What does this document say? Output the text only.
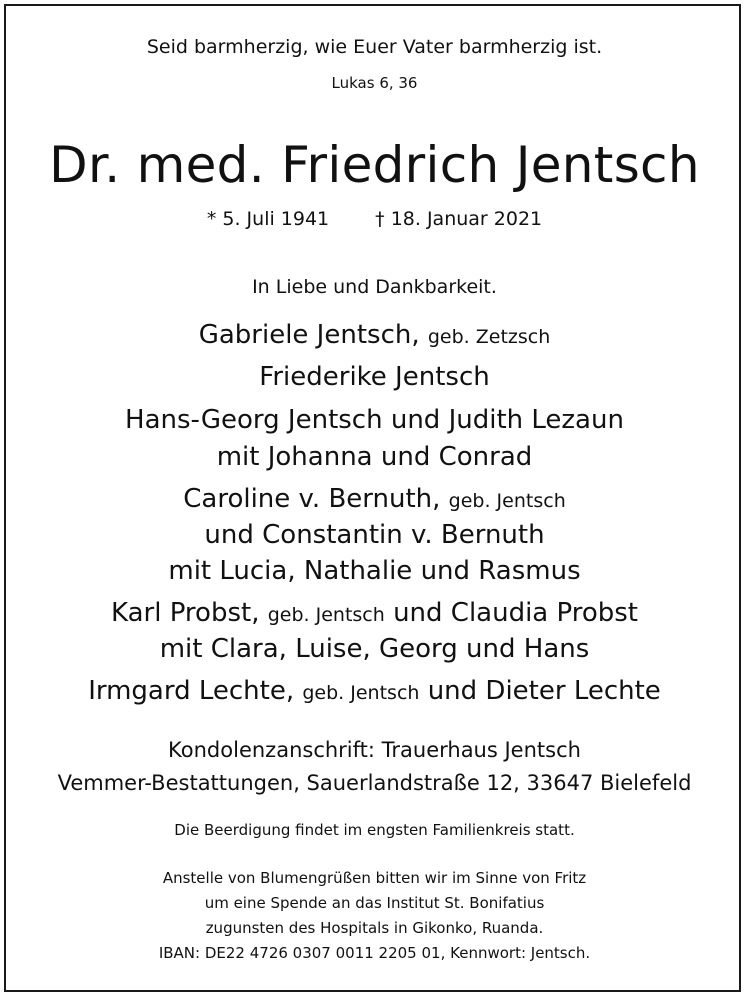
Seid barmherzig, wie Euer Vater barmherzig ist.
Lukas 6, 36
Dr. med. Friedrich Jentsch
* 5. Juli 1941 † 18. Januar 2021
In Liebe und Dankbarkeit.
Gabriele Jentsch, geb. Zetzsch
Friederike Jentsch
Hans-Georg Jentsch und Judith Lezaun
mit Johanna und Conrad
Caroline v. Bernuth, geb. Jentsch
und Constantin v. Bernuth
mit Lucia, Nathalie und Rasmus
Karl Probst, geb. Jentsch und Claudia Probst
mit Clara, Luise, Georg und Hans
Irmgard Lechte, geb. Jentsch und Dieter Lechte
Kondolenzanschrift: Trauerhaus Jentsch
Vemmer-Bestattungen, Sauerlandstraße 12, 33647 Bielefeld
Die Beerdigung findet im engsten Familienkreis statt.
Anstelle von Blumengrüßen bitten wir im Sinne von Fritz
um eine Spende an das Institut St. Bonifatius
zugunsten des Hospitals in Gikonko, Ruanda.
IBAN: DE22 4726 0307 0011 2205 01, Kennwort: Jentsch.
